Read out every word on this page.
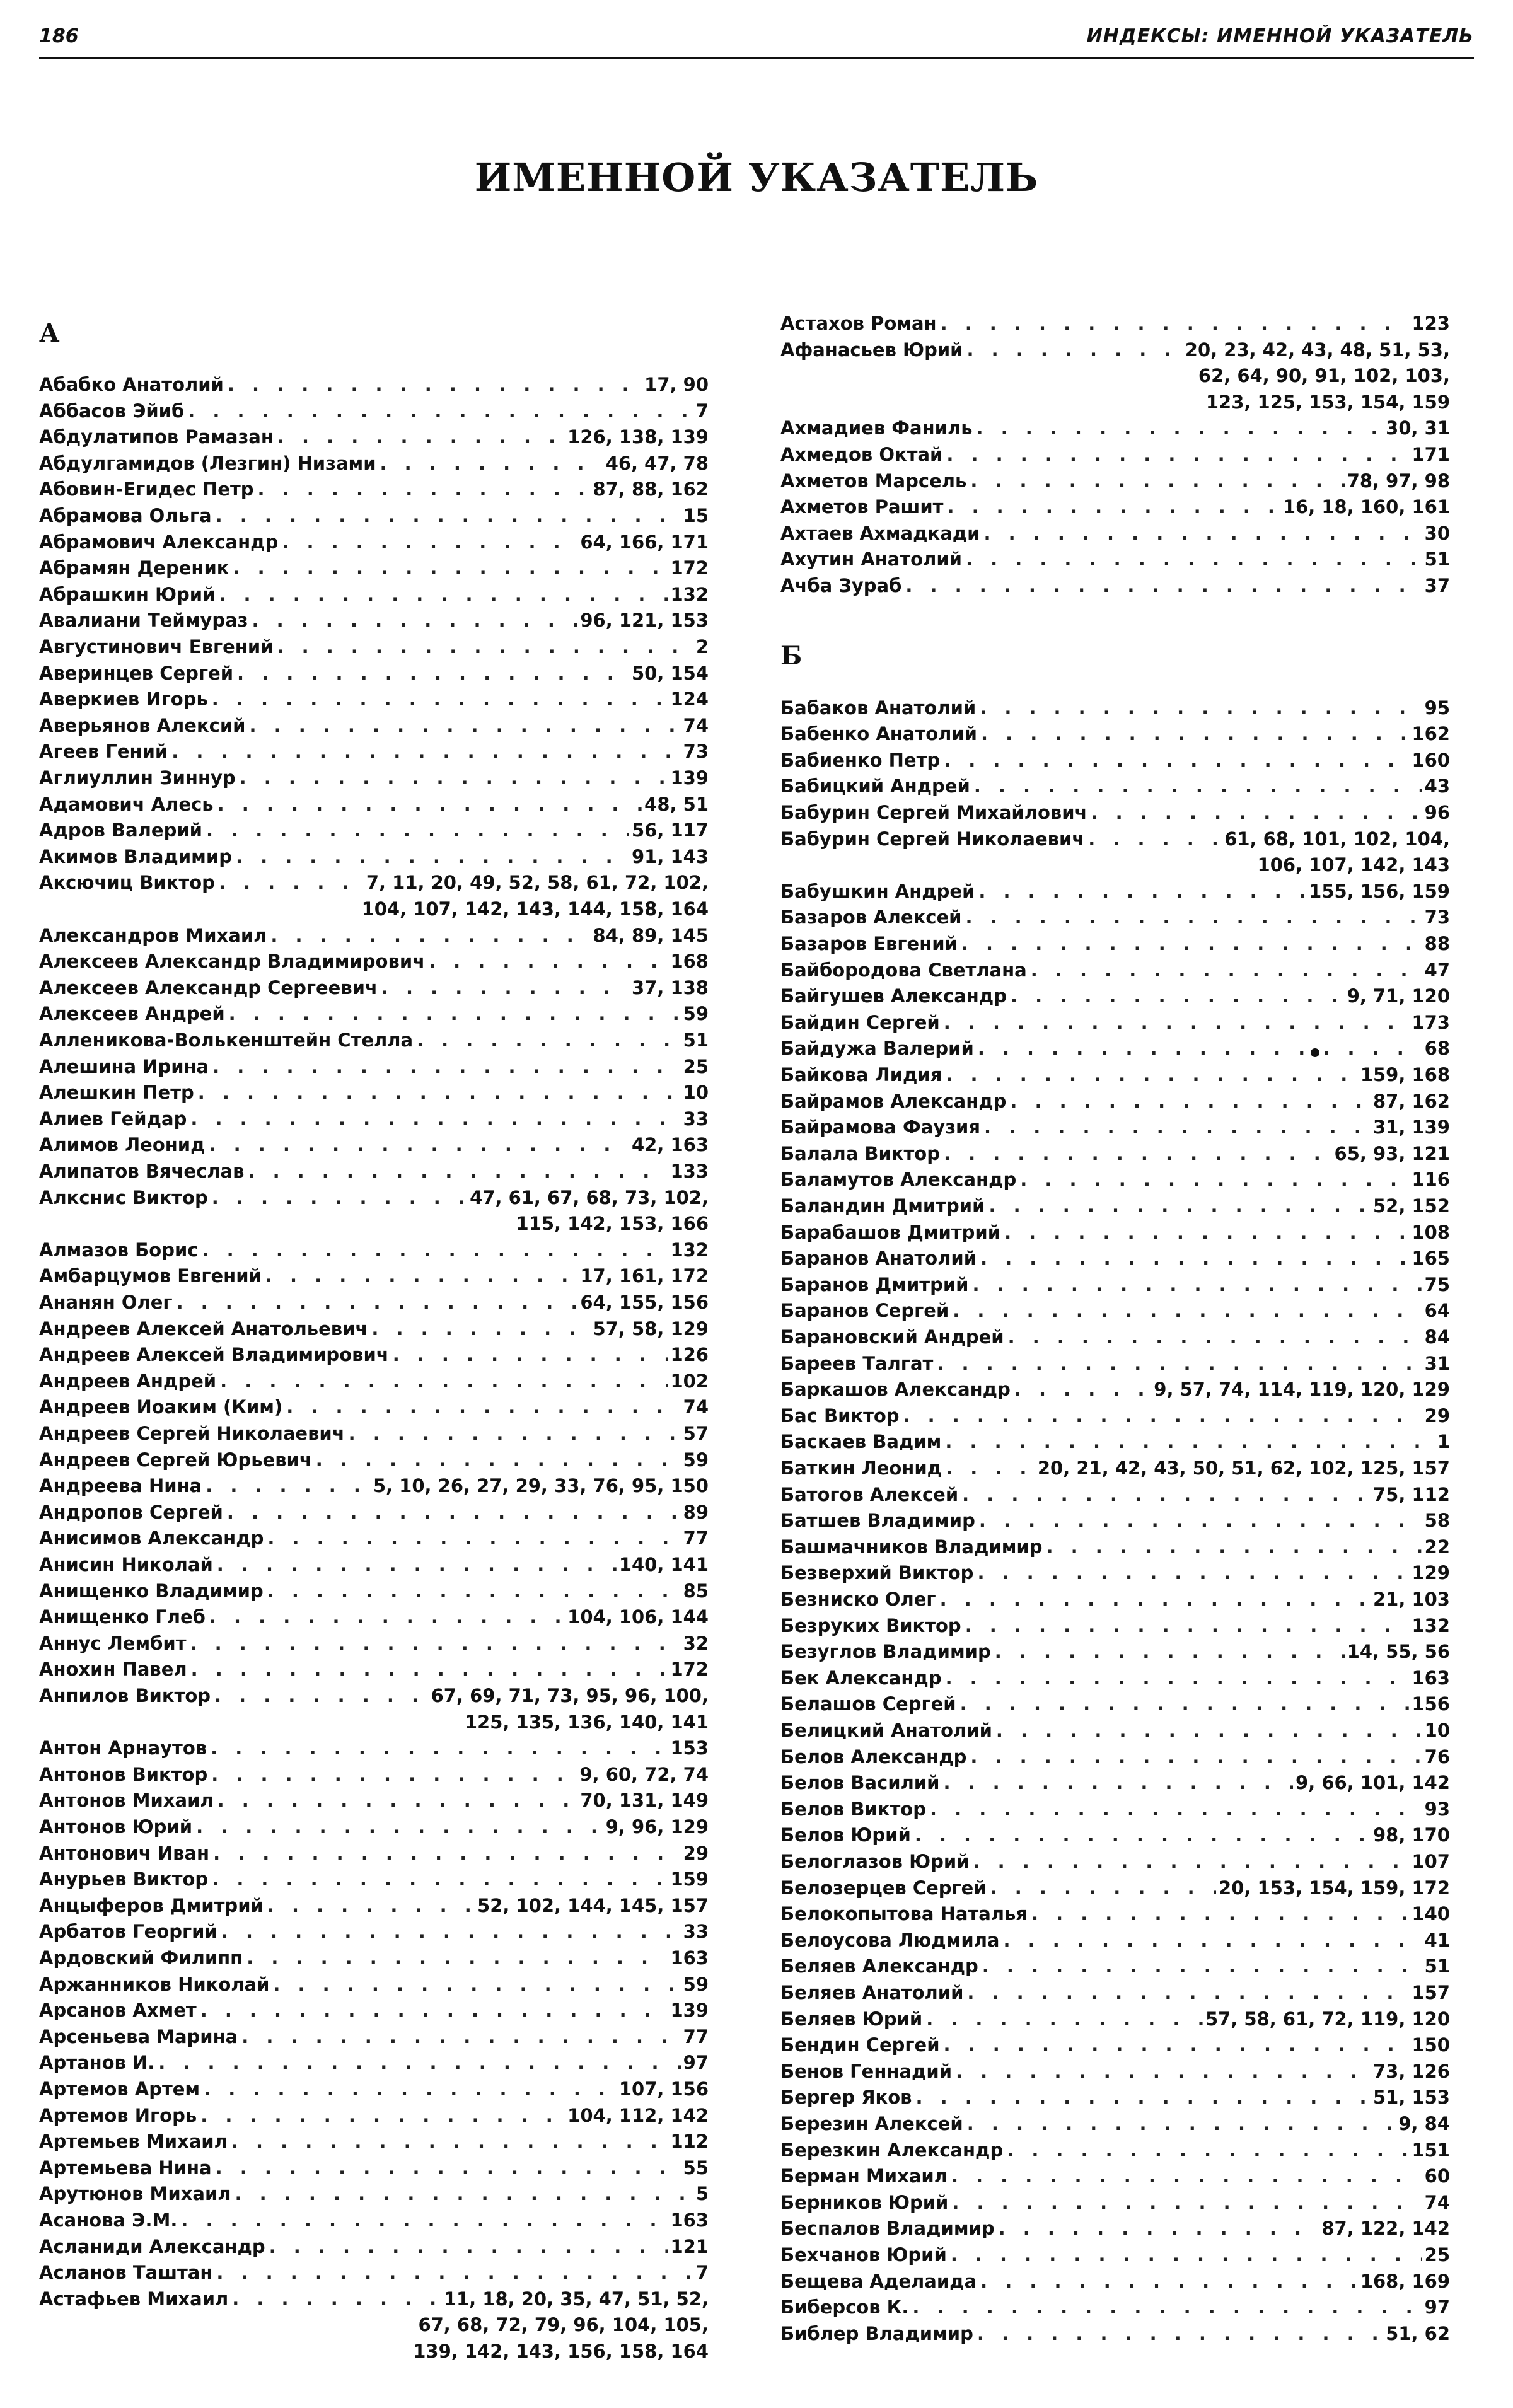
186	ИНДЕКСЫ: ИМЕННОЙ УКАЗАТЕЛЬ
ИМЕННОЙ УКАЗАТЕЛЬ
А
Абабко Анатолий . . .	17, 90
Аббасов Эйиб . . .	7
Абдулатипов Рамазан . . .	126, 138, 139
Абдулгамидов (Лезгин) Низами . . .	46, 47, 78
Абовин-Егидес Петр . . .	87, 88, 162
Абрамова Ольга . . .	15
Абрамович Александр . . .	64, 166, 171
Абрамян Дереник . . .	172
Абрашкин Юрий . . .	132
Авалиани Теймураз . . .	96, 121, 153
Августинович Евгений . . .	2
Аверинцев Сергей . . .	50, 154
Аверкиев Игорь . . .	124
Аверьянов Алексий . . .	74
Агеев Гений . . .	73
Аглиуллин Зиннур . . .	139
Адамович Алесь . . .	48, 51
Адров Валерий . . .	56, 117
Акимов Владимир . . .	91, 143
Аксючиц Виктор . . .	7, 11, 20, 49, 52, 58, 61, 72, 102,
104, 107, 142, 143, 144, 158, 164
Александров Михаил . . .	84, 89, 145
Алексеев Александр Владимирович . . .	168
Алексеев Александр Сергеевич . . .	37, 138
Алексеев Андрей . . .	59
Алленикова-Волькенштейн Стелла . . .	51
Алешина Ирина . . .	25
Алешкин Петр . . .	10
Алиев Гейдар . . .	33
Алимов Леонид . . .	42, 163
Алипатов Вячеслав . . .	133
Алкснис Виктор . . .	47, 61, 67, 68, 73, 102,
115, 142, 153, 166
Алмазов Борис . . .	132
Амбарцумов Евгений . . .	17, 161, 172
Ананян Олег . . .	64, 155, 156
Андреев Алексей Анатольевич . . .	57, 58, 129
Андреев Алексей Владимирович . . .	126
Андреев Андрей . . .	102
Андреев Иоаким (Ким) . . .	74
Андреев Сергей Николаевич . . .	57
Андреев Сергей Юрьевич . . .	59
Андреева Нина . . .	5, 10, 26, 27, 29, 33, 76, 95, 150
Андропов Сергей . . .	89
Анисимов Александр . . .	77
Анисин Николай . . .	140, 141
Анищенко Владимир . . .	85
Анищенко Глеб . . .	104, 106, 144
Аннус Лембит . . .	32
Анохин Павел . . .	172
Анпилов Виктор . . .	67, 69, 71, 73, 95, 96, 100,
125, 135, 136, 140, 141
Антон Арнаутов . . .	153
Антонов Виктор . . .	9, 60, 72, 74
Антонов Михаил . . .	70, 131, 149
Антонов Юрий . . .	9, 96, 129
Антонович Иван . . .	29
Анурьев Виктор . . .	159
Анцыферов Дмитрий . . .	52, 102, 144, 145, 157
Арбатов Георгий . . .	33
Ардовский Филипп . . .	163
Аржанников Николай . . .	59
Арсанов Ахмет . . .	139
Арсеньева Марина . . .	77
Артанов И. . . .	97
Артемов Артем . . .	107, 156
Артемов Игорь . . .	104, 112, 142
Артемьев Михаил . . .	112
Артемьева Нина . . .	55
Арутюнов Михаил . . .	5
Асанова Э.М. . . .	163
Асланиди Александр . . .	121
Асланов Таштан . . .	7
Астафьев Михаил . . .	11, 18, 20, 35, 47, 51, 52,
67, 68, 72, 79, 96, 104, 105,
139, 142, 143, 156, 158, 164
Астахов Роман . . .	123
Афанасьев Юрий . . .	20, 23, 42, 43, 48, 51, 53,
62, 64, 90, 91, 102, 103,
123, 125, 153, 154, 159
Ахмадиев Фаниль . . .	30, 31
Ахмедов Октай . . .	171
Ахметов Марсель . . .	78, 97, 98
Ахметов Рашит . . .	16, 18, 160, 161
Ахтаев Ахмадкади . . .	30
Ахутин Анатолий . . .	51
Ачба Зураб . . .	37
Б
Бабаков Анатолий . . .	95
Бабенко Анатолий . . .	162
Бабиенко Петр . . .	160
Бабицкий Андрей . . .	43
Бабурин Сергей Михайлович . . .	96
Бабурин Сергей Николаевич . . .	61, 68, 101, 102, 104,
106, 107, 142, 143
Бабушкин Андрей . . .	155, 156, 159
Базаров Алексей . . .	73
Базаров Евгений . . .	88
Байбородова Светлана . . .	47
Байгушев Александр . . .	9, 71, 120
Байдин Сергей . . .	173
Байдужа Валерий . . .	68
Байкова Лидия . . .	159, 168
Байрамов Александр . . .	87, 162
Байрамова Фаузия . . .	31, 139
Балала Виктор . . .	65, 93, 121
Баламутов Александр . . .	116
Баландин Дмитрий . . .	52, 152
Барабашов Дмитрий . . .	108
Баранов Анатолий . . .	165
Баранов Дмитрий . . .	75
Баранов Сергей . . .	64
Барановский Андрей . . .	84
Бареев Талгат . . .	31
Баркашов Александр . . .	9, 57, 74, 114, 119, 120, 129
Бас Виктор . . .	29
Баскаев Вадим . . .	1
Баткин Леонид . . .	20, 21, 42, 43, 50, 51, 62, 102, 125, 157
Батогов Алексей . . .	75, 112
Батшев Владимир . . .	58
Башмачников Владимир . . .	22
Безверхий Виктор . . .	129
Безниско Олег . . .	21, 103
Безруких Виктор . . .	132
Безуглов Владимир . . .	14, 55, 56
Бек Александр . . .	163
Белашов Сергей . . .	156
Белицкий Анатолий . . .	10
Белов Александр . . .	76
Белов Василий . . .	9, 66, 101, 142
Белов Виктор . . .	93
Белов Юрий . . .	98, 170
Белоглазов Юрий . . .	107
Белозерцев Сергей . . .	20, 153, 154, 159, 172
Белокопытова Наталья . . .	140
Белоусова Людмила . . .	41
Беляев Александр . . .	51
Беляев Анатолий . . .	157
Беляев Юрий . . .	57, 58, 61, 72, 119, 120
Бендин Сергей . . .	150
Бенов Геннадий . . .	73, 126
Бергер Яков . . .	51, 153
Березин Алексей . . .	9, 84
Березкин Александр . . .	151
Берман Михаил . . .	60
Берников Юрий . . .	74
Беспалов Владимир . . .	87, 122, 142
Бехчанов Юрий . . .	25
Бещева Аделаида . . .	168, 169
Биберсов К. . . .	97
Библер Владимир . . .	51, 62
